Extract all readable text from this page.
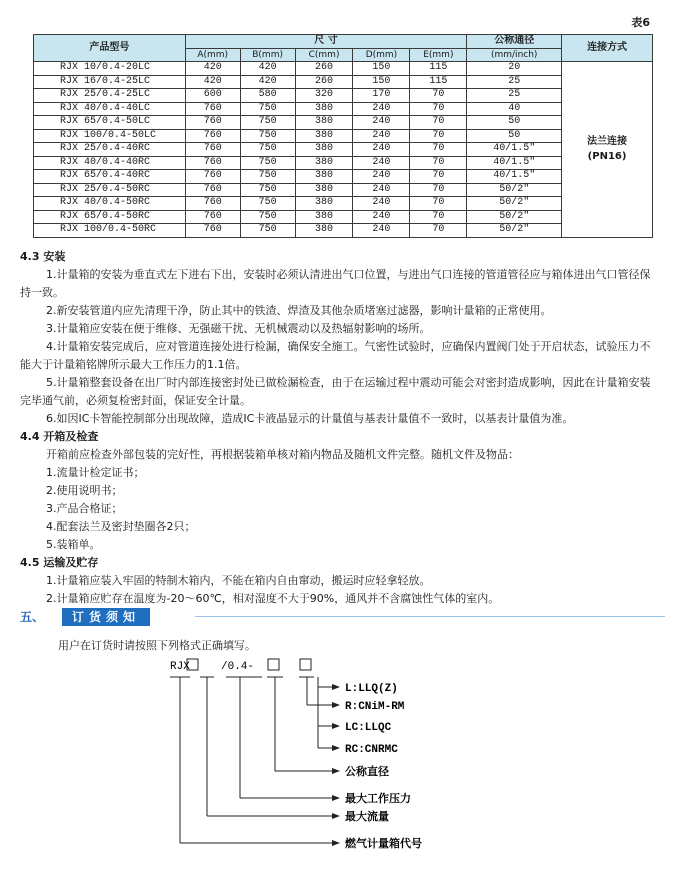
表6
产品型号	尺 寸					公称通径	连接方式
	A(mm)	B(mm)	C(mm)	D(mm)	E(mm)	(mm/inch)	
RJX 10/0.4-20LC	420	420	260	150	115	20	法兰连接
(PN16)

RJX 16/0.4-25LC	420	420	260	150	115	25	
RJX 25/0.4-25LC	600	580	320	170	70	25	
RJX 40/0.4-40LC	760	750	380	240	70	40	
RJX 65/0.4-50LC	760	750	380	240	70	50	
RJX 100/0.4-50LC	760	750	380	240	70	50	
RJX 25/0.4-40RC	760	750	380	240	70	40/1.5"	
RJX 40/0.4-40RC	760	750	380	240	70	40/1.5"	
RJX 65/0.4-40RC	760	750	380	240	70	40/1.5"	
RJX 25/0.4-50RC	760	750	380	240	70	50/2"	
RJX 40/0.4-50RC	760	750	380	240	70	50/2"	
RJX 65/0.4-50RC	760	750	380	240	70	50/2"	
RJX 100/0.4-50RC	760	750	380	240	70	50/2"	

4.3 安装

1.计量箱的安装为垂直式左下进右下出，安装时必须认清进出气口位置，与进出气口连接的管道管径应与箱体进出气口管径保持一致。

2.新安装管道内应先清理干净，防止其中的铁渣、焊渣及其他杂质堵塞过滤器，影响计量箱的正常使用。

3.计量箱应安装在便于维修、无强磁干扰、无机械震动以及热辐射影响的场所。

4.计量箱安装完成后，应对管道连接处进行检漏，确保安全施工。气密性试验时，应确保内置阀门处于开启状态，试验压力不能大于计量箱铭牌所示最大工作压力的1.1倍。

5.计量箱整套设备在出厂时内部连接密封处已做检漏检查，由于在运输过程中震动可能会对密封造成影响，因此在计量箱安装完毕通气前，必须复检密封面，保证安全计量。

6.如因IC卡智能控制部分出现故障，造成IC卡液晶显示的计量值与基表计量值不一致时，以基表计量值为准。

4.4 开箱及检查

开箱前应检查外部包装的完好性，再根据装箱单核对箱内物品及随机文件完整。随机文件及物品：

1.流量计检定证书；

2.使用说明书；

3.产品合格证；

4.配套法兰及密封垫圈各2只；

5.装箱单。

4.5 运输及贮存

1.计量箱应装入牢固的特制木箱内，不能在箱内自由窜动，搬运时应轻拿轻放。

2.计量箱应贮存在温度为-20～60℃，相对湿度不大于90%，通风并不含腐蚀性气体的室内。

五、 订货须知
用户在订货时请按照下列格式正确填写。
RJX	/0.4-
L:LLQ(Z)
R:CNiM-RM
LC:LLQC
RC:CNRMC
公称直径
最大工作压力
最大流量
燃气计量箱代号
